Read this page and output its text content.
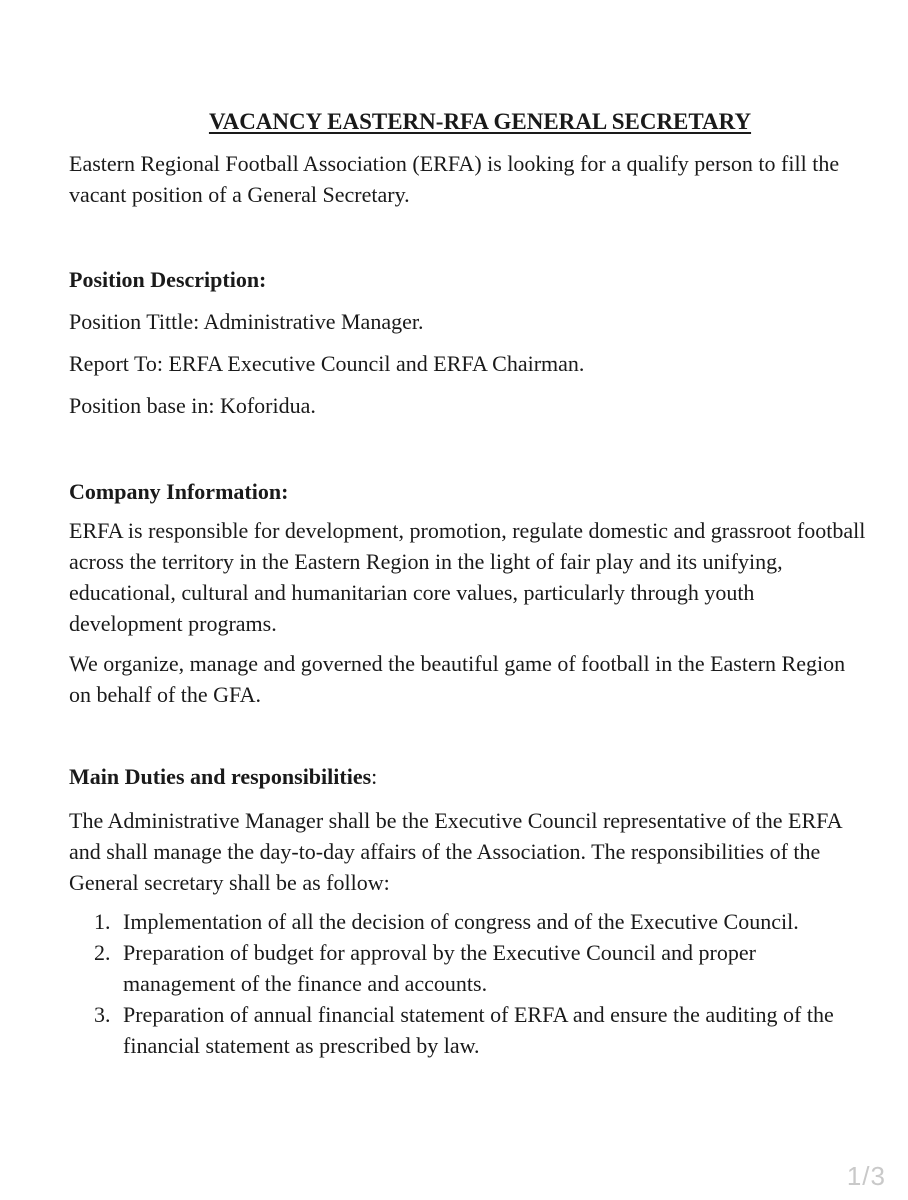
VACANCY EASTERN-RFA GENERAL SECRETARY

Eastern Regional Football Association (ERFA) is looking for a qualify person to fill the vacant position of a General Secretary.

Position Description:

Position Tittle: Administrative Manager.

Report To: ERFA Executive Council and ERFA Chairman.

Position base in: Koforidua.

Company Information:

ERFA is responsible for development, promotion, regulate domestic and grassroot football across the territory in the Eastern Region in the light of fair play and its unifying, educational, cultural and humanitarian core values, particularly through youth development programs.

We organize, manage and governed the beautiful game of football in the Eastern Region on behalf of the GFA.

Main Duties and responsibilities:

The Administrative Manager shall be the Executive Council representative of the ERFA and shall manage the day-to-day affairs of the Association. The responsibilities of the General secretary shall be as follow:

1. Implementation of all the decision of congress and of the Executive Council.
2. Preparation of budget for approval by the Executive Council and proper management of the finance and accounts.
3. Preparation of annual financial statement of ERFA and ensure the auditing of the financial statement as prescribed by law.
1/3
